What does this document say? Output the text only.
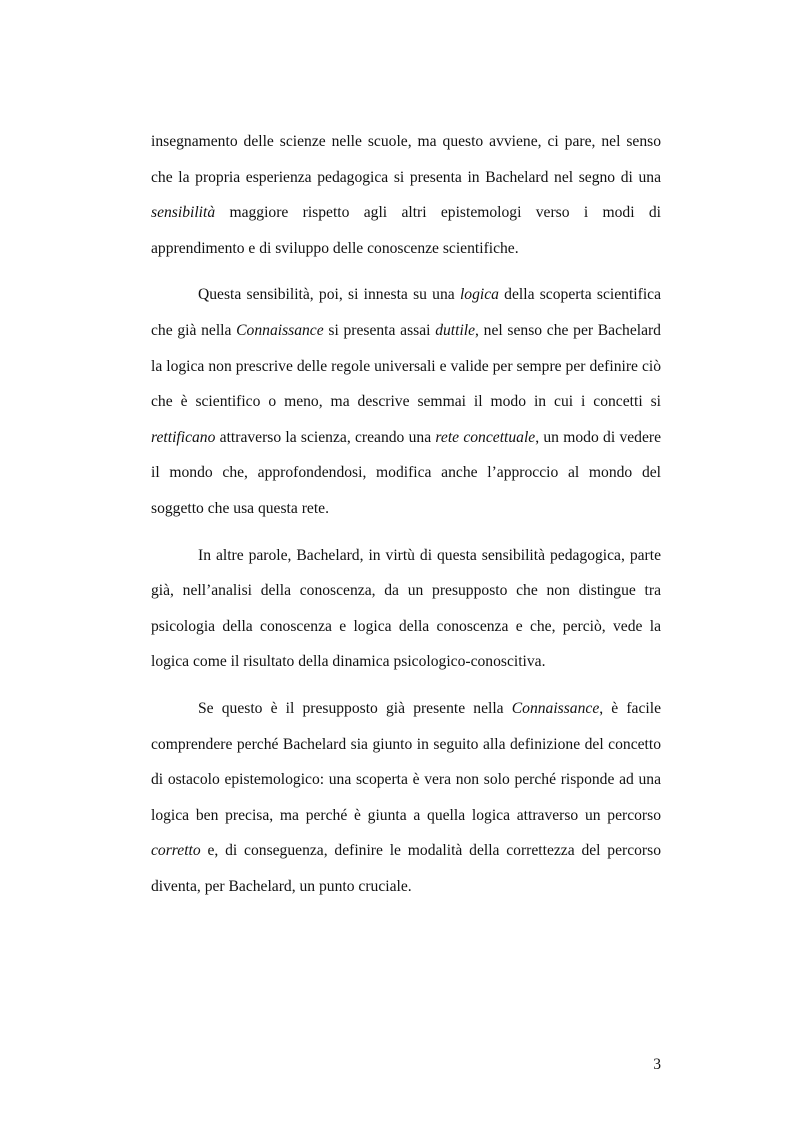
insegnamento delle scienze nelle scuole, ma questo avviene, ci pare, nel senso che la propria esperienza pedagogica si presenta in Bachelard nel segno di una sensibilità maggiore rispetto agli altri epistemologi verso i modi di apprendimento e di sviluppo delle conoscenze scientifiche.

Questa sensibilità, poi, si innesta su una logica della scoperta scientifica che già nella Connaissance si presenta assai duttile, nel senso che per Bachelard la logica non prescrive delle regole universali e valide per sempre per definire ciò che è scientifico o meno, ma descrive semmai il modo in cui i concetti si rettificano attraverso la scienza, creando una rete concettuale, un modo di vedere il mondo che, approfondendosi, modifica anche l’approccio al mondo del soggetto che usa questa rete.

In altre parole, Bachelard, in virtù di questa sensibilità pedagogica, parte già, nell’analisi della conoscenza, da un presupposto che non distingue tra psicologia della conoscenza e logica della conoscenza e che, perciò, vede la logica come il risultato della dinamica psicologico-conoscitiva.

Se questo è il presupposto già presente nella Connaissance, è facile comprendere perché Bachelard sia giunto in seguito alla definizione del concetto di ostacolo epistemologico: una scoperta è vera non solo perché risponde ad una logica ben precisa, ma perché è giunta a quella logica attraverso un percorso corretto e, di conseguenza, definire le modalità della correttezza del percorso diventa, per Bachelard, un punto cruciale.

3
